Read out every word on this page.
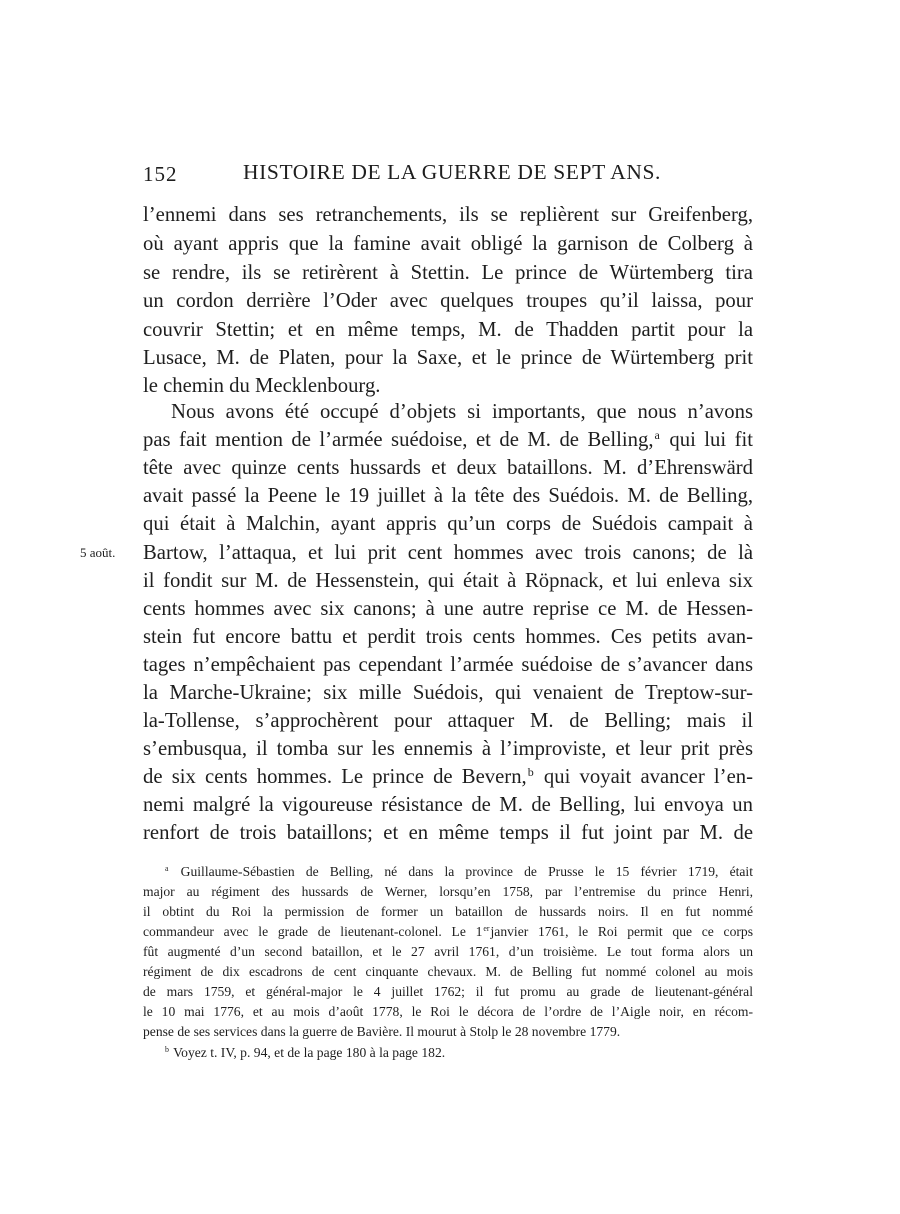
152	HISTOIRE DE LA GUERRE DE SEPT ANS.
l’ennemi dans ses retranchements, ils se replièrent sur Greifenberg,
où ayant appris que la famine avait obligé la garnison de Colberg à
se rendre, ils se retirèrent à Stettin. Le prince de Würtemberg tira
un cordon derrière l’Oder avec quelques troupes qu’il laissa, pour
couvrir Stettin; et en même temps, M. de Thadden partit pour la
Lusace, M. de Platen, pour la Saxe, et le prince de Würtemberg prit
le chemin du Mecklenbourg.
Nous avons été occupé d’objets si importants, que nous n’avons
pas fait mention de l’armée suédoise, et de M. de Belling,$^a$ qui lui fit
tête avec quinze cents hussards et deux bataillons. M. d’Ehrenswärd
avait passé la Peene le 19 juillet à la tête des Suédois. M. de Belling,
qui était à Malchin, ayant appris qu’un corps de Suédois campait à
Bartow, l’attaqua, et lui prit cent hommes avec trois canons; de là
il fondit sur M. de Hessenstein, qui était à Röpnack, et lui enleva six
cents hommes avec six canons; à une autre reprise ce M. de Hessen-
stein fut encore battu et perdit trois cents hommes. Ces petits avan-
tages n’empêchaient pas cependant l’armée suédoise de s’avancer dans
la Marche-Ukraine; six mille Suédois, qui venaient de Treptow-sur-
la-Tollense, s’approchèrent pour attaquer M. de Belling; mais il
s’embusqua, il tomba sur les ennemis à l’improviste, et leur prit près
de six cents hommes. Le prince de Bevern,$^b$ qui voyait avancer l’en-
nemi malgré la vigoureuse résistance de M. de Belling, lui envoya un
renfort de trois bataillons; et en même temps il fut joint par M. de
5 août.
$^a$ Guillaume-Sébastien de Belling, né dans la province de Prusse le 15 février 1719, était
major au régiment des hussards de Werner, lorsqu’en 1758, par l’entremise du prince Henri,
il obtint du Roi la permission de former un bataillon de hussards noirs. Il en fut nommé
commandeur avec le grade de lieutenant-colonel. Le 1erjanvier 1761, le Roi permit que ce corps
fût augmenté d’un second bataillon, et le 27 avril 1761, d’un troisième. Le tout forma alors un
régiment de dix escadrons de cent cinquante chevaux. M. de Belling fut nommé colonel au mois
de mars 1759, et général-major le 4 juillet 1762; il fut promu au grade de lieutenant-général
le 10 mai 1776, et au mois d’août 1778, le Roi le décora de l’ordre de l’Aigle noir, en récom-
pense de ses services dans la guerre de Bavière. Il mourut à Stolp le 28 novembre 1779.
$^b$ Voyez t. IV, p. 94, et de la page 180 à la page 182.
